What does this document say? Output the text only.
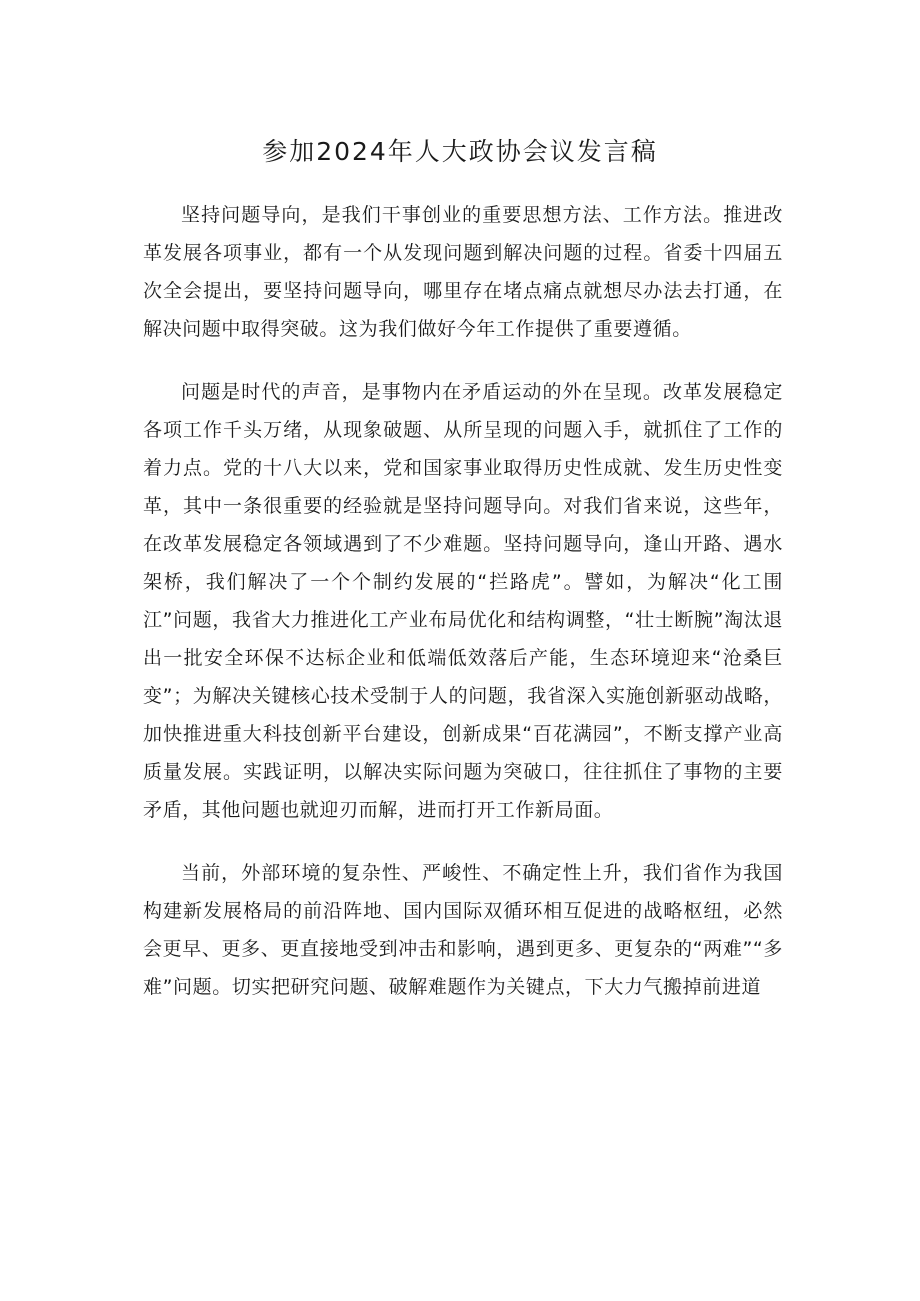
参加2024年人大政协会议发言稿

坚持问题导向，是我们干事创业的重要思想方法、工作方法。推进改革发展各项事业，都有一个从发现问题到解决问题的过程。省委十四届五次全会提出，要坚持问题导向，哪里存在堵点痛点就想尽办法去打通，在解决问题中取得突破。这为我们做好今年工作提供了重要遵循。

问题是时代的声音，是事物内在矛盾运动的外在呈现。改革发展稳定各项工作千头万绪，从现象破题、从所呈现的问题入手，就抓住了工作的着力点。党的十八大以来，党和国家事业取得历史性成就、发生历史性变革，其中一条很重要的经验就是坚持问题导向。对我们省来说，这些年，在改革发展稳定各领域遇到了不少难题。坚持问题导向，逢山开路、遇水架桥，我们解决了一个个制约发展的“拦路虎”。譬如，为解决“化工围江”问题，我省大力推进化工产业布局优化和结构调整，“壮士断腕”淘汰退出一批安全环保不达标企业和低端低效落后产能，生态环境迎来“沧桑巨变”；为解决关键核心技术受制于人的问题，我省深入实施创新驱动战略，加快推进重大科技创新平台建设，创新成果“百花满园”，不断支撑产业高质量发展。实践证明，以解决实际问题为突破口，往往抓住了事物的主要矛盾，其他问题也就迎刃而解，进而打开工作新局面。

当前，外部环境的复杂性、严峻性、不确定性上升，我们省作为我国构建新发展格局的前沿阵地、国内国际双循环相互促进的战略枢纽，必然会更早、更多、更直接地受到冲击和影响，遇到更多、更复杂的“两难”“多难”问题。切实把研究问题、破解难题作为关键点，下大力气搬掉前进道
